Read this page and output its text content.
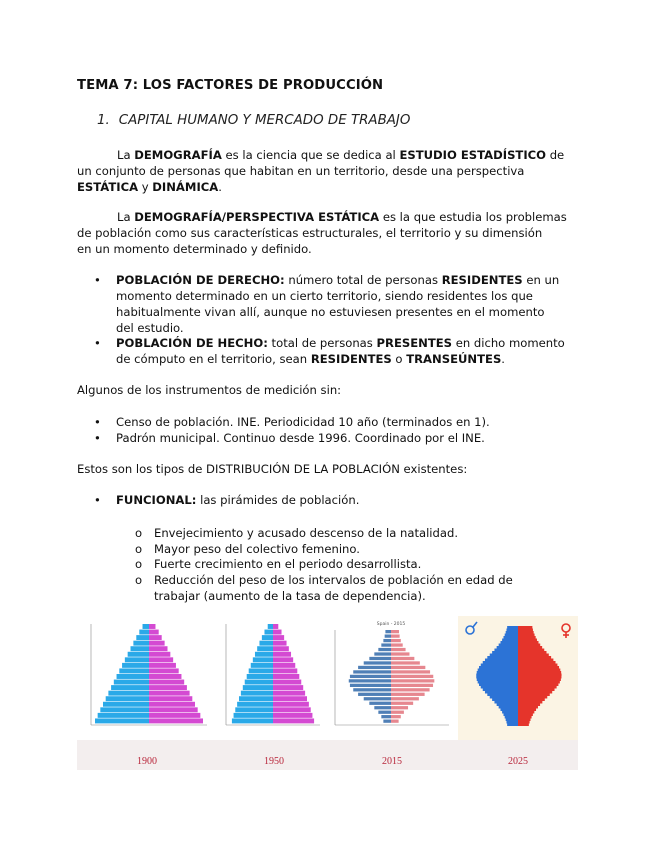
TEMA 7: LOS FACTORES DE PRODUCCIÓN
1. CAPITAL HUMANO Y MERCADO DE TRABAJO

La DEMOGRAFÍA es la ciencia que se dedica al ESTUDIO ESTADÍSTICO de
un conjunto de personas que habitan en un territorio, desde una perspectiva
ESTÁTICA y DINÁMICA.

La DEMOGRAFÍA/PERSPECTIVA ESTÁTICA es la que estudia los problemas
de población como sus características estructurales, el territorio y su dimensión
en un momento determinado y definido.

• POBLACIÓN DE DERECHO: número total de personas RESIDENTES en un
momento determinado en un cierto territorio, siendo residentes los que
habitualmente vivan allí, aunque no estuviesen presentes en el momento
del estudio.
• POBLACIÓN DE HECHO: total de personas PRESENTES en dicho momento
de cómputo en el territorio, sean RESIDENTES o TRANSEÚNTES.

Algunos de los instrumentos de medición sin:

• Censo de población. INE. Periodicidad 10 año (terminados en 1).
• Padrón municipal. Continuo desde 1996. Coordinado por el INE.

Estos son los tipos de DISTRIBUCIÓN DE LA POBLACIÓN existentes:

• FUNCIONAL: las pirámides de población.
o Envejecimiento y acusado descenso de la natalidad.
o Mayor peso del colectivo femenino.
o Fuerte crecimiento en el periodo desarrollista.
o Reducción del peso de los intervalos de población en edad de
trabajar (aumento de la tasa de dependencia).
Spain - 2015
1900	1950	2015	2025
